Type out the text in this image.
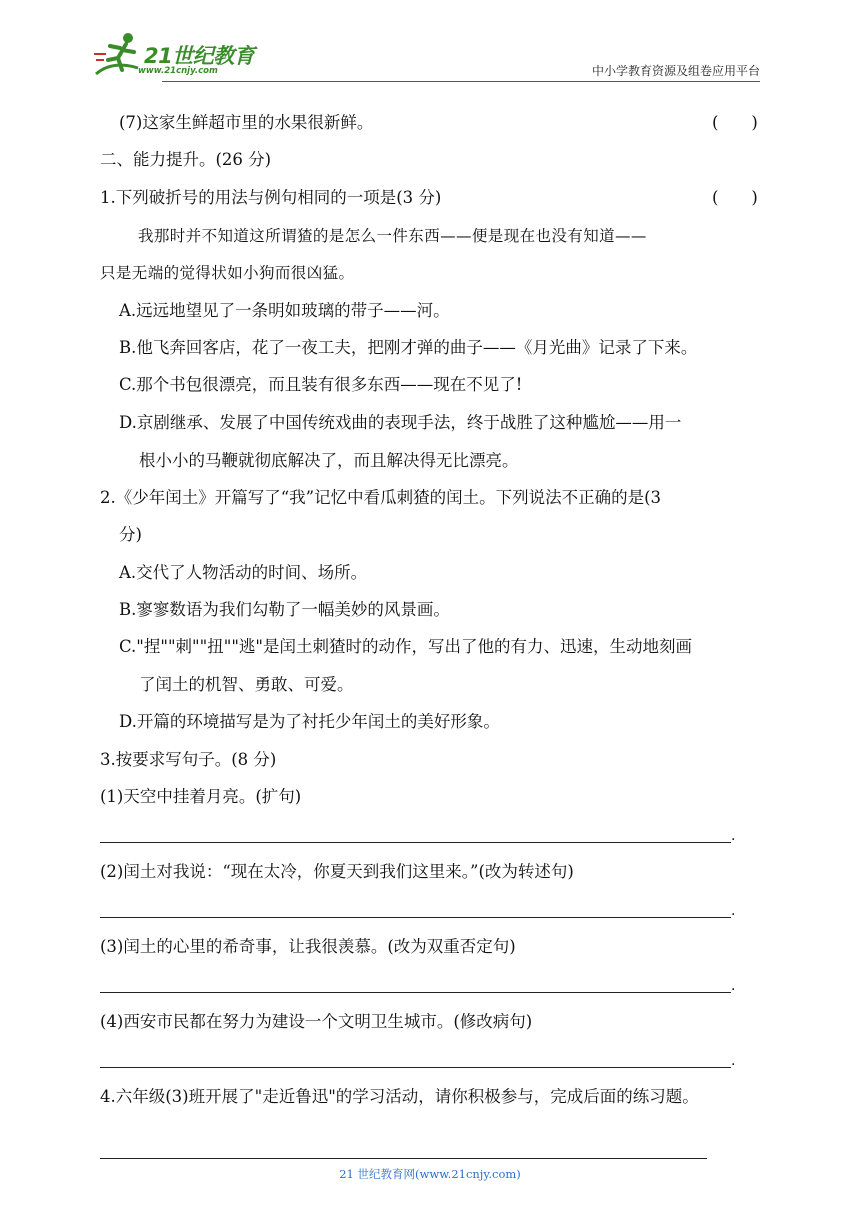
21世纪教育
www.21cnjy.com	中小学教育资源及组卷应用平台
(7)这家生鲜超市里的水果很新鲜。	(　　)
二、能力提升。(26 分)
1.下列破折号的用法与例句相同的一项是(3 分)	(　　)
我那时并不知道这所谓猹的是怎么一件东西——便是现在也没有知道——
只是无端的觉得状如小狗而很凶猛。
A.远远地望见了一条明如玻璃的带子——河。
B.他飞奔回客店，花了一夜工夫，把刚才弹的曲子——《月光曲》记录了下来。
C.那个书包很漂亮，而且装有很多东西——现在不见了!
D.京剧继承、发展了中国传统戏曲的表现手法，终于战胜了这种尴尬——用一
根小小的马鞭就彻底解决了，而且解决得无比漂亮。
2.《少年闰土》开篇写了“我”记忆中看瓜刺猹的闰土。下列说法不正确的是(3
分)
A.交代了人物活动的时间、场所。
B.寥寥数语为我们勾勒了一幅美妙的风景画。
C."捏""刺""扭""逃"是闰土刺猹时的动作，写出了他的有力、迅速，生动地刻画
了闰土的机智、勇敢、可爱。
D.开篇的环境描写是为了衬托少年闰土的美好形象。
3.按要求写句子。(8 分)
(1)天空中挂着月亮。(扩句)
.
(2)闰土对我说：“现在太冷，你夏天到我们这里来。”(改为转述句)
.
(3)闰土的心里的希奇事，让我很羡慕。(改为双重否定句)
.
(4)西安市民都在努力为建设一个文明卫生城市。(修改病句)
.
4.六年级(3)班开展了"走近鲁迅"的学习活动，请你积极参与，完成后面的练习题。
21 世纪教育网(www.21cnjy.com)
